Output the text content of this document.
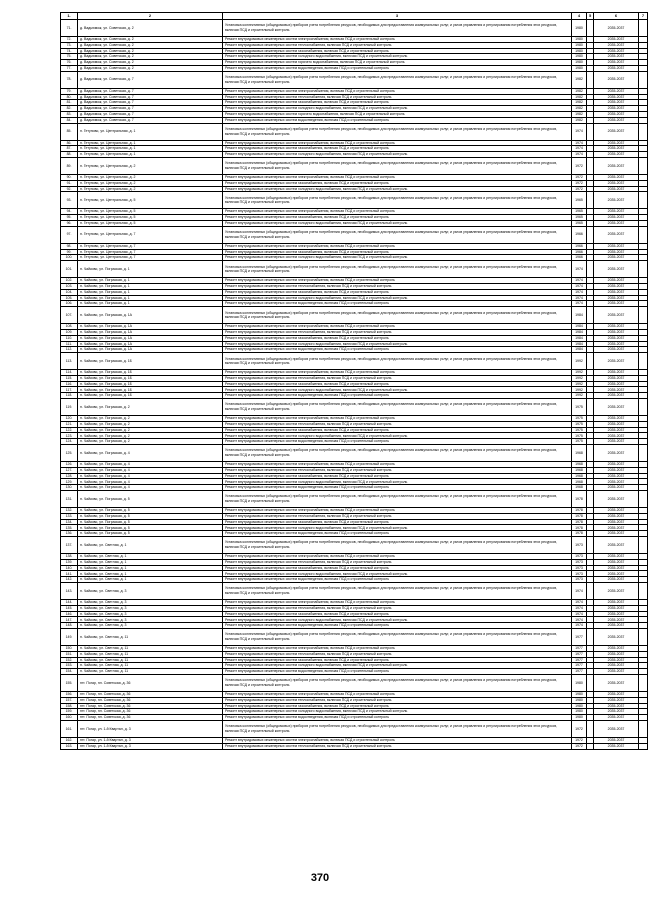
1.	2	3	4	5	6	7
71.	д. Вадьюмож, ул. Советская, д. 2	Установка коллективных (общедомовых) приборов учета потребления ресурсов, необходимых для предоставления коммунальных услуг, и узлов управления и регулирования потребления этих ресурсов, включая ПСД и строительный контроль	1980		2035-2037	
72.	д. Вадьюмож, ул. Советская, д. 2	Ремонт внутридомовых инженерных систем электроснабжения, включая ПСД и строительный контроль	1980		2035-2037	
73.	д. Вадьюмож, ул. Советская, д. 2	Ремонт внутридомовых инженерных систем теплоснабжения, включая ПСД и строительный контроль	1980		2035-2037	
74.	д. Вадьюмож, ул. Советская, д. 2	Ремонт внутридомовых инженерных систем газоснабжения, включая ПСД и строительный контроль	1980		2035-2037	
75.	д. Вадьюмож, ул. Советская, д. 2	Ремонт внутридомовых инженерных систем холодного водоснабжения, включая ПСД и строительный контроль	1980		2035-2037	
76.	д. Вадьюмож, ул. Советская, д. 2	Ремонт внутридомовых инженерных систем горячего водоснабжения, включая ПСД и строительный контроль	1980		2035-2037	
77.	д. Вадьюмож, ул. Советская, д. 2	Ремонт внутридомовых инженерных систем водоотведения, включая ПСД и строительный контроль	1980		2035-2037	
78.	д. Вадьюмож, ул. Советская, д. 7	Установка коллективных (общедомовых) приборов учета потребления ресурсов, необходимых для предоставления коммунальных услуг, и узлов управления и регулирования потребления этих ресурсов, включая ПСД и строительный контроль	1982		2035-2037	
79.	д. Вадьюмож, ул. Советская, д. 7	Ремонт внутридомовых инженерных систем электроснабжения, включая ПСД и строительный контроль	1982		2035-2037	
80.	д. Вадьюмож, ул. Советская, д. 7	Ремонт внутридомовых инженерных систем теплоснабжения, включая ПСД и строительный контроль	1982		2035-2037	
81.	д. Вадьюмож, ул. Советская, д. 7	Ремонт внутридомовых инженерных систем газоснабжения, включая ПСД и строительный контроль	1982		2035-2037	
82.	д. Вадьюмож, ул. Советская, д. 7	Ремонт внутридомовых инженерных систем холодного водоснабжения, включая ПСД и строительный контроль	1982		2035-2037	
83.	д. Вадьюмож, ул. Советская, д. 7	Ремонт внутридомовых инженерных систем горячего водоснабжения, включая ПСД и строительный контроль	1982		2035-2037	
84.	д. Вадьюмож, ул. Советская, д. 7	Ремонт внутридомовых инженерных систем водоотведения, включая ПСД и строительный контроль	1982		2035-2037	
85.	п. Гетуново, ул. Центральная, д. 1	Установка коллективных (общедомовых) приборов учета потребления ресурсов, необходимых для предоставления коммунальных услуг, и узлов управления и регулирования потребления этих ресурсов, включая ПСД и строительный контроль	1974		2035-2037	
86.	п. Гетуново, ул. Центральная, д. 1	Ремонт внутридомовых инженерных систем электроснабжения, включая ПСД и строительный контроль	1974		2035-2037	
87.	п. Гетуново, ул. Центральная, д. 1	Ремонт внутридомовых инженерных систем газоснабжения, включая ПСД и строительный контроль	1974		2035-2037	
88.	п. Гетуново, ул. Центральная, д. 1	Ремонт внутридомовых инженерных систем холодного водоснабжения, включая ПСД и строительный контроль	1974		2035-2037	
89.	п. Гетуново, ул. Центральная, д. 2	Установка коллективных (общедомовых) приборов учета потребления ресурсов, необходимых для предоставления коммунальных услуг, и узлов управления и регулирования потребления этих ресурсов, включая ПСД и строительный контроль	1972		2035-2037	
90.	п. Гетуново, ул. Центральная, д. 2	Ремонт внутридомовых инженерных систем электроснабжения, включая ПСД и строительный контроль	1972		2035-2037	
91.	п. Гетуново, ул. Центральная, д. 2	Ремонт внутридомовых инженерных систем газоснабжения, включая ПСД и строительный контроль	1972		2035-2037	
92.	п. Гетуново, ул. Центральная, д. 2	Ремонт внутридомовых инженерных систем холодного водоснабжения, включая ПСД и строительный контроль	1972		2035-2037	
93.	п. Гетуново, ул. Центральная, д. 5	Установка коллективных (общедомовых) приборов учета потребления ресурсов, необходимых для предоставления коммунальных услуг, и узлов управления и регулирования потребления этих ресурсов, включая ПСД и строительный контроль	1965		2035-2037	
94.	п. Гетуново, ул. Центральная, д. 5	Ремонт внутридомовых инженерных систем электроснабжения, включая ПСД и строительный контроль	1965		2035-2037	
95.	п. Гетуново, ул. Центральная, д. 5	Ремонт внутридомовых инженерных систем газоснабжения, включая ПСД и строительный контроль	1965		2035-2037	
96.	п. Гетуново, ул. Центральная, д. 5	Ремонт внутридомовых инженерных систем холодного водоснабжения, включая ПСД и строительный контроль	1965		2035-2037	
97.	п. Гетуново, ул. Центральная, д. 7	Установка коллективных (общедомовых) приборов учета потребления ресурсов, необходимых для предоставления коммунальных услуг, и узлов управления и регулирования потребления этих ресурсов, включая ПСД и строительный контроль	1966		2035-2037	
98.	п. Гетуново, ул. Центральная, д. 7	Ремонт внутридомовых инженерных систем электроснабжения, включая ПСД и строительный контроль	1966		2035-2037	
99.	п. Гетуново, ул. Центральная, д. 7	Ремонт внутридомовых инженерных систем газоснабжения, включая ПСД и строительный контроль	1966		2035-2037	
100.	п. Гетуново, ул. Центральная, д. 7	Ремонт внутридомовых инженерных систем холодного водоснабжения, включая ПСД и строительный контроль	1966		2035-2037	
101.	п. Чайково, ул. Пограская, д. 1	Установка коллективных (общедомовых) приборов учета потребления ресурсов, необходимых для предоставления коммунальных услуг, и узлов управления и регулирования потребления этих ресурсов, включая ПСД и строительный контроль	1974		2035-2037	
102.	п. Чайково, ул. Пограская, д. 1	Ремонт внутридомовых инженерных систем электроснабжения, включая ПСД и строительный контроль	1974		2035-2037	
103.	п. Чайково, ул. Пограская, д. 1	Ремонт внутридомовых инженерных систем теплоснабжения, включая ПСД и строительный контроль	1974		2035-2037	
104.	п. Чайково, ул. Пограская, д. 1	Ремонт внутридомовых инженерных систем газоснабжения, включая ПСД и строительный контроль	1974		2035-2037	
105.	п. Чайково, ул. Пограская, д. 1	Ремонт внутридомовых инженерных систем холодного водоснабжения, включая ПСД и строительный контроль	1974		2035-2037	
106.	п. Чайково, ул. Пограская, д. 1	Ремонт внутридомовых инженерных систем водоотведения, включая ПСД и строительный контроль	1974		2035-2037	
107.	п. Чайково, ул. Пограская, д. 1А	Установка коллективных (общедомовых) приборов учета потребления ресурсов, необходимых для предоставления коммунальных услуг, и узлов управления и регулирования потребления этих ресурсов, включая ПСД и строительный контроль	1984		2035-2037	
108.	п. Чайково, ул. Пограская, д. 1А	Ремонт внутридомовых инженерных систем электроснабжения, включая ПСД и строительный контроль	1984		2035-2037	
109.	п. Чайково, ул. Пограская, д. 1А	Ремонт внутридомовых инженерных систем теплоснабжения, включая ПСД и строительный контроль	1984		2035-2037	
110.	п. Чайково, ул. Пограская, д. 1А	Ремонт внутридомовых инженерных систем газоснабжения, включая ПСД и строительный контроль	1984		2035-2037	
111.	п. Чайково, ул. Пограская, д. 1А	Ремонт внутридомовых инженерных систем холодного водоснабжения, включая ПСД и строительный контроль	1984		2035-2037	
112.	п. Чайково, ул. Пограская, д. 1А	Ремонт внутридомовых инженерных систем водоотведения, включая ПСД и строительный контроль	1984		2035-2037	
113.	п. Чайково, ул. Пограская, д. 1Б	Установка коллективных (общедомовых) приборов учета потребления ресурсов, необходимых для предоставления коммунальных услуг, и узлов управления и регулирования потребления этих ресурсов, включая ПСД и строительный контроль	1992		2035-2037	
114.	п. Чайково, ул. Пограская, д. 1Б	Ремонт внутридомовых инженерных систем электроснабжения, включая ПСД и строительный контроль	1992		2035-2037	
115.	п. Чайково, ул. Пограская, д. 1Б	Ремонт внутридомовых инженерных систем теплоснабжения, включая ПСД и строительный контроль	1992		2035-2037	
116.	п. Чайково, ул. Пограская, д. 1Б	Ремонт внутридомовых инженерных систем газоснабжения, включая ПСД и строительный контроль	1992		2035-2037	
117.	п. Чайково, ул. Пограская, д. 1Б	Ремонт внутридомовых инженерных систем холодного водоснабжения, включая ПСД и строительный контроль	1992		2035-2037	
118.	п. Чайково, ул. Пограская, д. 1Б	Ремонт внутридомовых инженерных систем водоотведения, включая ПСД и строительный контроль	1992		2035-2037	
119.	п. Чайково, ул. Пограская, д. 2	Установка коллективных (общедомовых) приборов учета потребления ресурсов, необходимых для предоставления коммунальных услуг, и узлов управления и регулирования потребления этих ресурсов, включая ПСД и строительный контроль	1975		2035-2037	
120.	п. Чайково, ул. Пограская, д. 2	Ремонт внутридомовых инженерных систем электроснабжения, включая ПСД и строительный контроль	1975		2035-2037	
121.	п. Чайково, ул. Пограская, д. 2	Ремонт внутридомовых инженерных систем теплоснабжения, включая ПСД и строительный контроль	1975		2035-2037	
122.	п. Чайково, ул. Пограская, д. 2	Ремонт внутридомовых инженерных систем газоснабжения, включая ПСД и строительный контроль	1975		2035-2037	
123.	п. Чайково, ул. Пограская, д. 2	Ремонт внутридомовых инженерных систем холодного водоснабжения, включая ПСД и строительный контроль	1975		2035-2037	
124.	п. Чайково, ул. Пограская, д. 2	Ремонт внутридомовых инженерных систем водоотведения, включая ПСД и строительный контроль	1975		2035-2037	
125.	п. Чайково, ул. Пограская, д. 4	Установка коллективных (общедомовых) приборов учета потребления ресурсов, необходимых для предоставления коммунальных услуг, и узлов управления и регулирования потребления этих ресурсов, включая ПСД и строительный контроль	1968		2035-2037	
126.	п. Чайково, ул. Пограская, д. 4	Ремонт внутридомовых инженерных систем электроснабжения, включая ПСД и строительный контроль	1968		2035-2037	
127.	п. Чайково, ул. Пограская, д. 4	Ремонт внутридомовых инженерных систем теплоснабжения, включая ПСД и строительный контроль	1968		2035-2037	
128.	п. Чайково, ул. Пограская, д. 4	Ремонт внутридомовых инженерных систем газоснабжения, включая ПСД и строительный контроль	1968		2035-2037	
129.	п. Чайково, ул. Пограская, д. 4	Ремонт внутридомовых инженерных систем холодного водоснабжения, включая ПСД и строительный контроль	1968		2035-2037	
130.	п. Чайково, ул. Пограская, д. 4	Ремонт внутридомовых инженерных систем водоотведения, включая ПСД и строительный контроль	1968		2035-2037	
131.	п. Чайково, ул. Пограская, д. 5	Установка коллективных (общедомовых) приборов учета потребления ресурсов, необходимых для предоставления коммунальных услуг, и узлов управления и регулирования потребления этих ресурсов, включая ПСД и строительный контроль	1978		2035-2037	
132.	п. Чайково, ул. Пограская, д. 5	Ремонт внутридомовых инженерных систем электроснабжения, включая ПСД и строительный контроль	1978		2035-2037	
133.	п. Чайково, ул. Пограская, д. 5	Ремонт внутридомовых инженерных систем теплоснабжения, включая ПСД и строительный контроль	1978		2035-2037	
134.	п. Чайково, ул. Пограская, д. 5	Ремонт внутридомовых инженерных систем газоснабжения, включая ПСД и строительный контроль	1978		2035-2037	
135.	п. Чайково, ул. Пограская, д. 5	Ремонт внутридомовых инженерных систем холодного водоснабжения, включая ПСД и строительный контроль	1978		2035-2037	
136.	п. Чайково, ул. Пограская, д. 5	Ремонт внутридомовых инженерных систем водоотведения, включая ПСД и строительный контроль	1978		2035-2037	
137.	п. Чайково, ул. Светлая, д. 1	Установка коллективных (общедомовых) приборов учета потребления ресурсов, необходимых для предоставления коммунальных услуг, и узлов управления и регулирования потребления этих ресурсов, включая ПСД и строительный контроль	1973		2035-2037	
138.	п. Чайково, ул. Светлая, д. 1	Ремонт внутридомовых инженерных систем электроснабжения, включая ПСД и строительный контроль	1973		2035-2037	
139.	п. Чайково, ул. Светлая, д. 1	Ремонт внутридомовых инженерных систем теплоснабжения, включая ПСД и строительный контроль	1973		2035-2037	
140.	п. Чайково, ул. Светлая, д. 1	Ремонт внутридомовых инженерных систем газоснабжения, включая ПСД и строительный контроль	1973		2035-2037	
141.	п. Чайково, ул. Светлая, д. 1	Ремонт внутридомовых инженерных систем холодного водоснабжения, включая ПСД и строительный контроль	1973		2035-2037	
142.	п. Чайково, ул. Светлая, д. 1	Ремонт внутридомовых инженерных систем водоотведения, включая ПСД и строительный контроль	1973		2035-2037	
143.	п. Чайково, ул. Светлая, д. 3	Установка коллективных (общедомовых) приборов учета потребления ресурсов, необходимых для предоставления коммунальных услуг, и узлов управления и регулирования потребления этих ресурсов, включая ПСД и строительный контроль	1974		2035-2037	
144.	п. Чайково, ул. Светлая, д. 3	Ремонт внутридомовых инженерных систем электроснабжения, включая ПСД и строительный контроль	1974		2035-2037	
145.	п. Чайково, ул. Светлая, д. 3	Ремонт внутридомовых инженерных систем теплоснабжения, включая ПСД и строительный контроль	1974		2035-2037	
146.	п. Чайково, ул. Светлая, д. 3	Ремонт внутридомовых инженерных систем газоснабжения, включая ПСД и строительный контроль	1974		2035-2037	
147.	п. Чайково, ул. Светлая, д. 3	Ремонт внутридомовых инженерных систем холодного водоснабжения, включая ПСД и строительный контроль	1974		2035-2037	
148.	п. Чайково, ул. Светлая, д. 3	Ремонт внутридомовых инженерных систем водоотведения, включая ПСД и строительный контроль	1974		2035-2037	
149.	п. Чайково, ул. Светлая, д. 11	Установка коллективных (общедомовых) приборов учета потребления ресурсов, необходимых для предоставления коммунальных услуг, и узлов управления и регулирования потребления этих ресурсов, включая ПСД и строительный контроль	1977		2035-2037	
150.	п. Чайково, ул. Светлая, д. 11	Ремонт внутридомовых инженерных систем электроснабжения, включая ПСД и строительный контроль	1977		2035-2037	
151.	п. Чайково, ул. Светлая, д. 11	Ремонт внутридомовых инженерных систем теплоснабжения, включая ПСД и строительный контроль	1977		2035-2037	
152.	п. Чайково, ул. Светлая, д. 11	Ремонт внутридомовых инженерных систем газоснабжения, включая ПСД и строительный контроль	1977		2035-2037	
153.	п. Чайково, ул. Светлая, д. 11	Ремонт внутридомовых инженерных систем холодного водоснабжения, включая ПСД и строительный контроль	1977		2035-2037	
154.	п. Чайково, ул. Светлая, д. 11	Ремонт внутридомовых инженерных систем водоотведения, включая ПСД и строительный контроль	1977		2035-2037	
155.	пгт. Погар, пл. Советская, д. 36	Установка коллективных (общедомовых) приборов учета потребления ресурсов, необходимых для предоставления коммунальных услуг, и узлов управления и регулирования потребления этих ресурсов, включая ПСД и строительный контроль	1980		2035-2037	
156.	пгт. Погар, пл. Советская, д. 36	Ремонт внутридомовых инженерных систем электроснабжения, включая ПСД и строительный контроль	1980		2035-2037	
157.	пгт. Погар, пл. Советская, д. 36	Ремонт внутридомовых инженерных систем теплоснабжения, включая ПСД и строительный контроль	1980		2035-2037	
158.	пгт. Погар, пл. Советская, д. 36	Ремонт внутридомовых инженерных систем газоснабжения, включая ПСД и строительный контроль	1980		2035-2037	
159.	пгт. Погар, пл. Советская, д. 36	Ремонт внутридомовых инженерных систем холодного водоснабжения, включая ПСД и строительный контроль	1980		2035-2037	
160.	пгт. Погар, пл. Советская, д. 36	Ремонт внутридомовых инженерных систем водоотведения, включая ПСД и строительный контроль	1980		2035-2037	
161.	пгт. Погар, ул. 1-й Квартал, д. 3	Установка коллективных (общедомовых) приборов учета потребления ресурсов, необходимых для предоставления коммунальных услуг, и узлов управления и регулирования потребления этих ресурсов, включая ПСД и строительный контроль	1972		2035-2037	
162.	пгт. Погар, ул. 1-й Квартал, д. 3	Ремонт внутридомовых инженерных систем электроснабжения, включая ПСД и строительный контроль	1972		2035-2037	
163.	пгт. Погар, ул. 1-й Квартал, д. 3	Ремонт внутридомовых инженерных систем теплоснабжения, включая ПСД и строительный контроль	1972		2035-2037	
370
